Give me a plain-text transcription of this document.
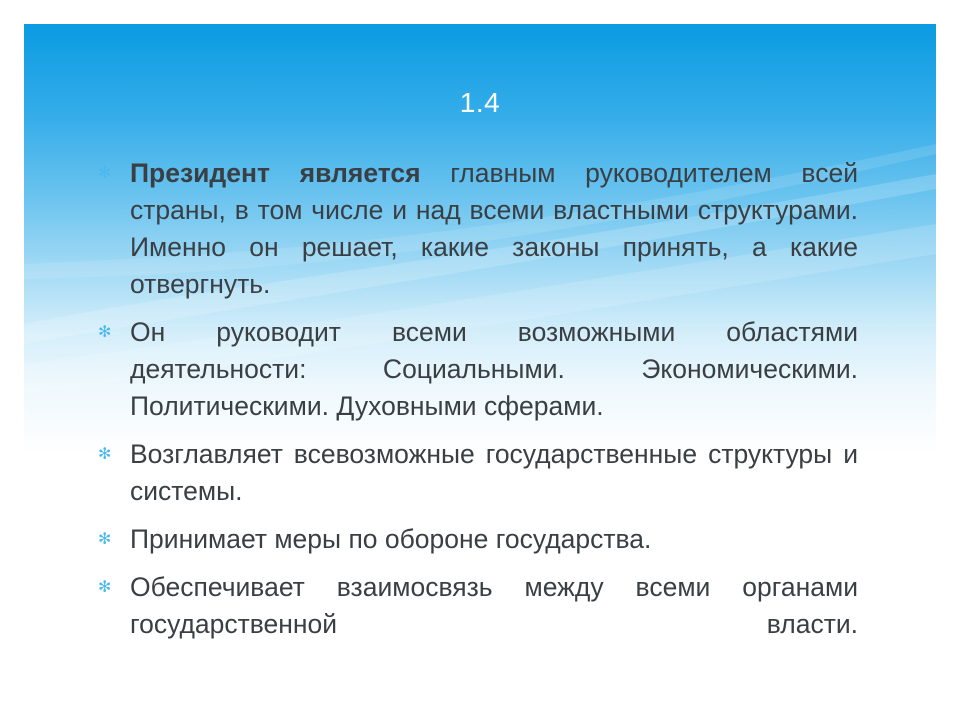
1.4
✻ Президент является главным руководителем всей страны, в том числе и над всеми властными структурами. Именно он решает, какие законы принять, а какие отвергнуть.
✻ Он руководит всеми возможными областями деятельности: Социальными. Экономическими. Политическими. Духовными сферами.
✻ Возглавляет всевозможные государственные структуры и системы.
✻ Принимает меры по обороне государства.
✻ Обеспечивает взаимосвязь между всеми органами государственной власти.
